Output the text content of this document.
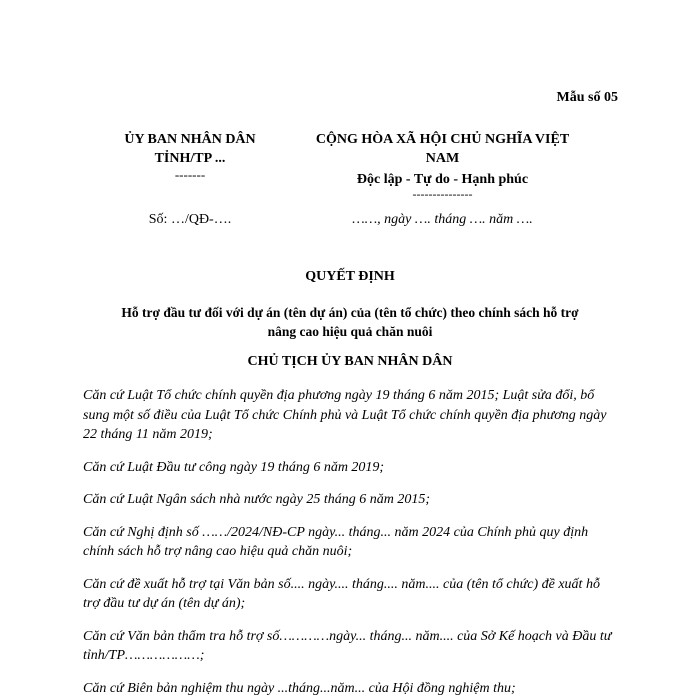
Mẫu số 05
ỦY BAN NHÂN DÂN
TỈNH/TP ...
-------
CỘNG HÒA XÃ HỘI CHỦ NGHĨA VIỆT
NAM
Độc lập - Tự do - Hạnh phúc
---------------
Số: …/QĐ-….	……, ngày …. tháng …. năm ….
QUYẾT ĐỊNH
Hỗ trợ đầu tư đối với dự án (tên dự án) của (tên tổ chức) theo chính sách hỗ trợ
nâng cao hiệu quả chăn nuôi
CHỦ TỊCH ỦY BAN NHÂN DÂN

Căn cứ Luật Tổ chức chính quyền địa phương ngày 19 tháng 6 năm 2015; Luật sửa đổi, bổ sung một số điều của Luật Tổ chức Chính phủ và Luật Tổ chức chính quyền địa phương ngày 22 tháng 11 năm 2019;

Căn cứ Luật Đầu tư công ngày 19 tháng 6 năm 2019;

Căn cứ Luật Ngân sách nhà nước ngày 25 tháng 6 năm 2015;

Căn cứ Nghị định số ……/2024/NĐ-CP ngày... tháng... năm 2024 của Chính phủ quy định chính sách hỗ trợ nâng cao hiệu quả chăn nuôi;

Căn cứ đề xuất hỗ trợ tại Văn bản số.... ngày.... tháng.... năm.... của (tên tổ chức) đề xuất hỗ trợ đầu tư dự án (tên dự án);

Căn cứ Văn bản thẩm tra hỗ trợ số…………ngày... tháng... năm.... của Sở Kế hoạch và Đầu tư tỉnh/TP………………;

Căn cứ Biên bản nghiệm thu ngày ...tháng...năm... của Hội đồng nghiệm thu;
